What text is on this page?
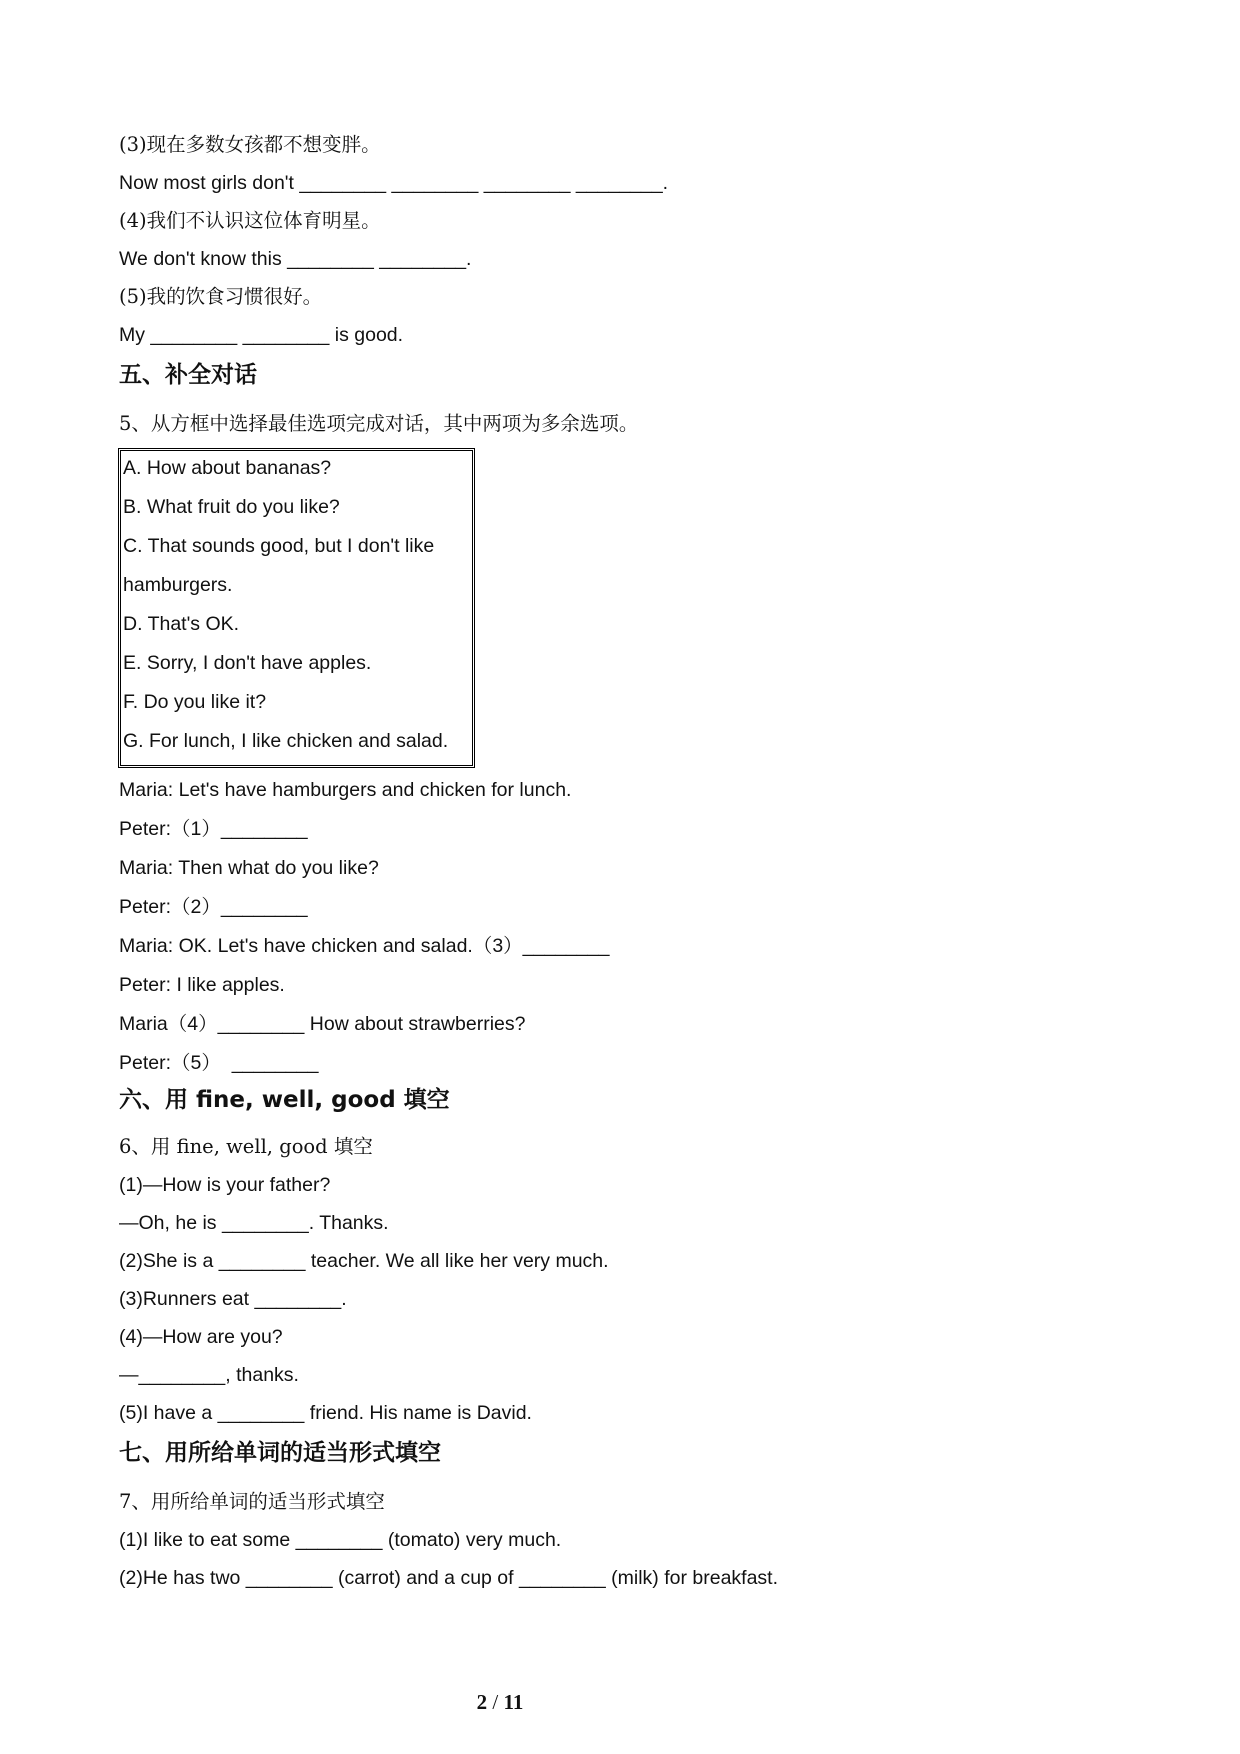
(3)现在多数女孩都不想变胖。
Now most girls don't ________ ________ ________ ________.
(4)我们不认识这位体育明星。
We don't know this ________ ________.
(5)我的饮食习惯很好。
My ________ ________ is good.
五、补全对话
5、从方框中选择最佳选项完成对话，其中两项为多余选项。
A. How about bananas?
B. What fruit do you like?
C. That sounds good, but I don't like
hamburgers.
D. That's OK.
E. Sorry, I don't have apples.
F. Do you like it?
G. For lunch, I like chicken and salad.
Maria: Let's have hamburgers and chicken for lunch.
Peter:（1）________
Maria: Then what do you like?
Peter:（2）________
Maria: OK. Let's have chicken and salad.（3）________
Peter: I like apples.
Maria（4）________ How about strawberries?
Peter:（5）  ________
六、用 fine, well, good 填空
6、用 fine, well, good 填空
(1)—How is your father?
—Oh, he is ________. Thanks.
(2)She is a ________ teacher. We all like her very much.
(3)Runners eat ________.
(4)—How are you?
—________, thanks.
(5)I have a ________ friend. His name is David.
七、用所给单词的适当形式填空
7、用所给单词的适当形式填空
(1)I like to eat some ________ (tomato) very much.
(2)He has two ________ (carrot) and a cup of ________ (milk) for breakfast.
2 / 11
